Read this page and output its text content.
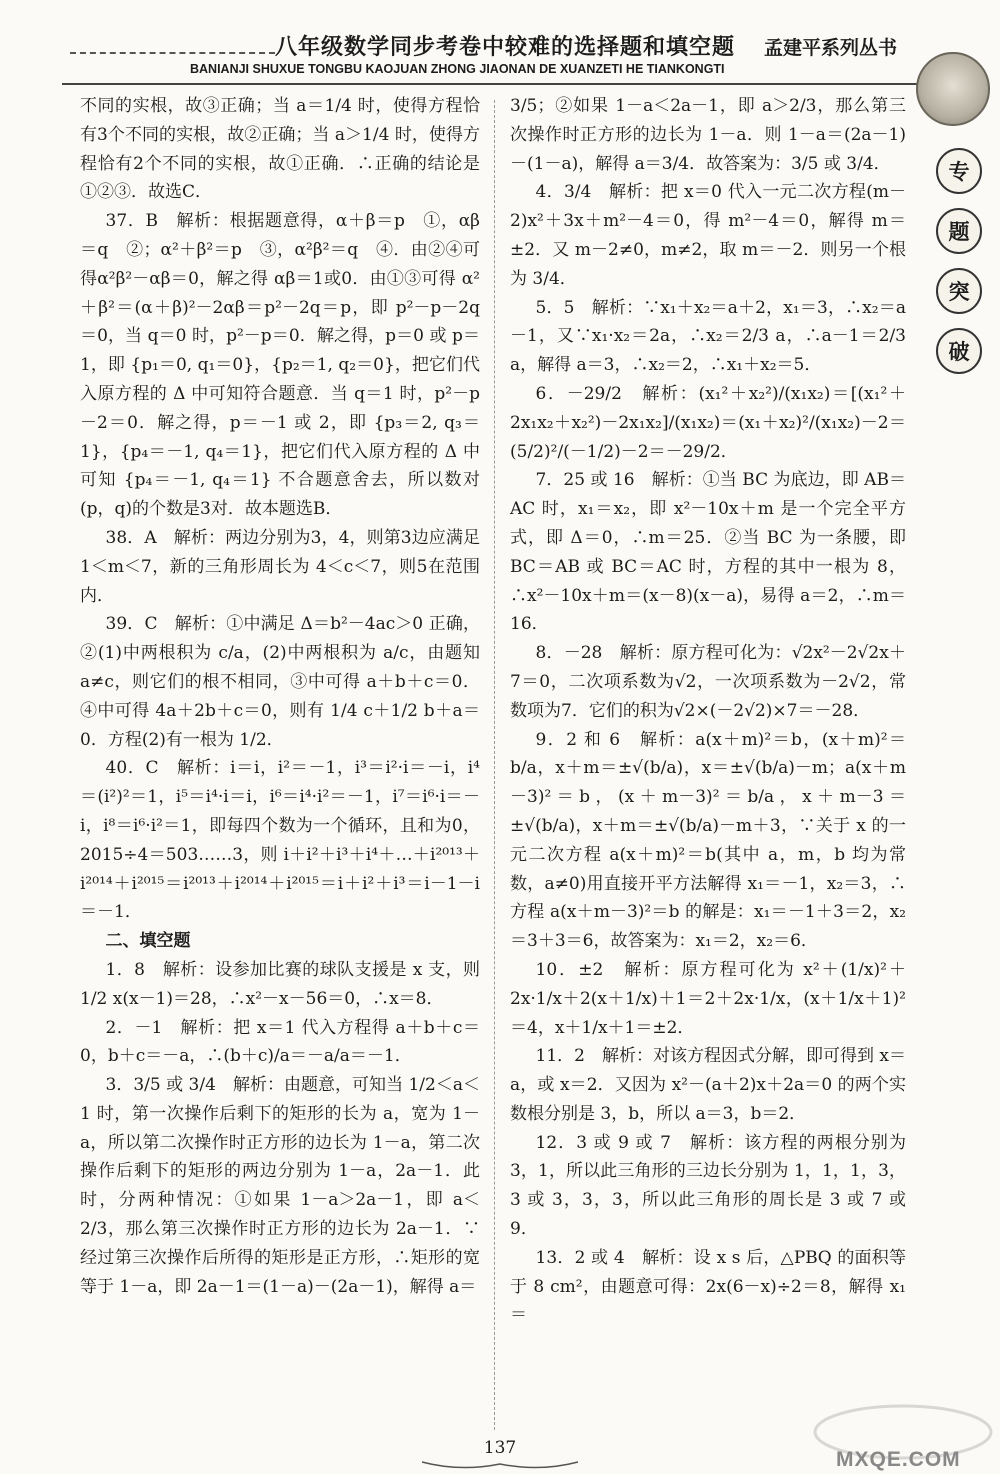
八年级数学同步考卷中较难的选择题和填空题 孟建平系列丛书
BANIANJI SHUXUE TONGBU KAOJUAN ZHONG JIAONAN DE XUANZETI HE TIANKONGTI
专
题
突
破

不同的实根，故③正确；当 a＝1/4 时，使得方程恰有3个不同的实根，故②正确；当 a＞1/4 时，使得方程恰有2个不同的实根，故①正确．∴正确的结论是①②③．故选C．

37．B　解析：根据题意得，α＋β＝p　①，αβ＝q　②；α²＋β²＝p　③，α²β²＝q　④．由②④可得α²β²－αβ＝0，解之得 αβ＝1或0．由①③可得 α²＋β²＝(α＋β)²－2αβ＝p²－2q＝p，即 p²－p－2q＝0，当 q＝0 时，p²－p＝0．解之得，p＝0 或 p＝1，即 {p₁＝0, q₁＝0}，{p₂＝1, q₂＝0}，把它们代入原方程的 Δ 中可知符合题意．当 q＝1 时，p²－p－2＝0．解之得，p＝－1 或 2，即 {p₃＝2, q₃＝1}，{p₄＝－1, q₄＝1}，把它们代入原方程的 Δ 中可知 {p₄＝－1, q₄＝1} 不合题意舍去，所以数对(p，q)的个数是3对．故本题选B．

38．A　解析：两边分别为3，4，则第3边应满足 1＜m＜7，新的三角形周长为 4＜c＜7，则5在范围内．

39．C　解析：①中满足 Δ＝b²－4ac＞0 正确，②(1)中两根积为 c/a，(2)中两根积为 a/c，由题知 a≠c，则它们的根不相同，③中可得 a＋b＋c＝0．④中可得 4a＋2b＋c＝0，则有 1/4 c＋1/2 b＋a＝0．方程(2)有一根为 1/2．

40．C　解析：i＝i，i²＝－1，i³＝i²·i＝－i，i⁴＝(i²)²＝1，i⁵＝i⁴·i＝i，i⁶＝i⁴·i²＝－1，i⁷＝i⁶·i＝－i，i⁸＝i⁶·i²＝1，即每四个数为一个循环，且和为0，2015÷4＝503……3，则 i＋i²＋i³＋i⁴＋…＋i²⁰¹³＋i²⁰¹⁴＋i²⁰¹⁵＝i²⁰¹³＋i²⁰¹⁴＋i²⁰¹⁵＝i＋i²＋i³＝i－1－i＝－1．

二、填空题

1．8　解析：设参加比赛的球队支援是 x 支，则 1/2 x(x－1)＝28，∴x²－x－56＝0，∴x＝8．

2．－1　解析：把 x＝1 代入方程得 a＋b＋c＝0，b＋c＝－a，∴(b＋c)/a＝－a/a＝－1．

3．3/5 或 3/4　解析：由题意，可知当 1/2＜a＜1 时，第一次操作后剩下的矩形的长为 a，宽为 1－a，所以第二次操作时正方形的边长为 1－a，第二次操作后剩下的矩形的两边分别为 1－a，2a－1．此时，分两种情况：①如果 1－a＞2a－1，即 a＜2/3，那么第三次操作时正方形的边长为 2a－1．∵经过第三次操作后所得的矩形是正方形，∴矩形的宽等于 1－a，即 2a－1＝(1－a)－(2a－1)，解得 a＝

3/5；②如果 1－a＜2a－1，即 a＞2/3，那么第三次操作时正方形的边长为 1－a．则 1－a＝(2a－1)－(1－a)，解得 a＝3/4．故答案为：3/5 或 3/4．

4．3/4　解析：把 x＝0 代入一元二次方程(m－2)x²＋3x＋m²－4＝0，得 m²－4＝0，解得 m＝±2．又 m－2≠0，m≠2，取 m＝－2．则另一个根为 3/4．

5．5　解析：∵x₁＋x₂＝a＋2，x₁＝3，∴x₂＝a－1，又∵x₁·x₂＝2a，∴x₂＝2/3 a，∴a－1＝2/3 a，解得 a＝3，∴x₂＝2，∴x₁＋x₂＝5．

6．－29/2　解析：(x₁²＋x₂²)/(x₁x₂)＝[(x₁²＋2x₁x₂＋x₂²)－2x₁x₂]/(x₁x₂)＝(x₁＋x₂)²/(x₁x₂)－2＝(5/2)²/(－1/2)－2＝－29/2．

7．25 或 16　解析：①当 BC 为底边，即 AB＝AC 时，x₁＝x₂，即 x²－10x＋m 是一个完全平方式，即 Δ＝0，∴m＝25．②当 BC 为一条腰，即 BC＝AB 或 BC＝AC 时，方程的其中一根为 8，∴x²－10x＋m＝(x－8)(x－a)，易得 a＝2，∴m＝16．

8．－28　解析：原方程可化为：√2x²－2√2x＋7＝0，二次项系数为√2，一次项系数为－2√2，常数项为7．它们的积为√2×(－2√2)×7＝－28．

9．2 和 6　解析：a(x＋m)²＝b，(x＋m)²＝b/a，x＋m＝±√(b/a)，x＝±√(b/a)－m；a(x＋m－3)²＝b，(x＋m－3)²＝b/a，x＋m－3＝±√(b/a)，x＋m＝±√(b/a)－m＋3，∵关于 x 的一元二次方程 a(x＋m)²＝b(其中 a，m，b 均为常数，a≠0)用直接开平方法解得 x₁＝－1，x₂＝3，∴方程 a(x＋m－3)²＝b 的解是：x₁＝－1＋3＝2，x₂＝3＋3＝6，故答案为：x₁＝2，x₂＝6．

10．±2　解析：原方程可化为 x²＋(1/x)²＋2x·1/x＋2(x＋1/x)＋1＝2＋2x·1/x，(x＋1/x＋1)²＝4，x＋1/x＋1＝±2．

11．2　解析：对该方程因式分解，即可得到 x＝a，或 x＝2．又因为 x²－(a＋2)x＋2a＝0 的两个实数根分别是 3，b，所以 a＝3，b＝2．

12．3 或 9 或 7　解析：该方程的两根分别为 3，1，所以此三角形的三边长分别为 1，1，1，3，3 或 3，3，3，所以此三角形的周长是 3 或 7 或 9．

13．2 或 4　解析：设 x s 后，△PBQ 的面积等于 8 cm²，由题意可得：2x(6－x)÷2＝8，解得 x₁＝

137	MXQE.COM
